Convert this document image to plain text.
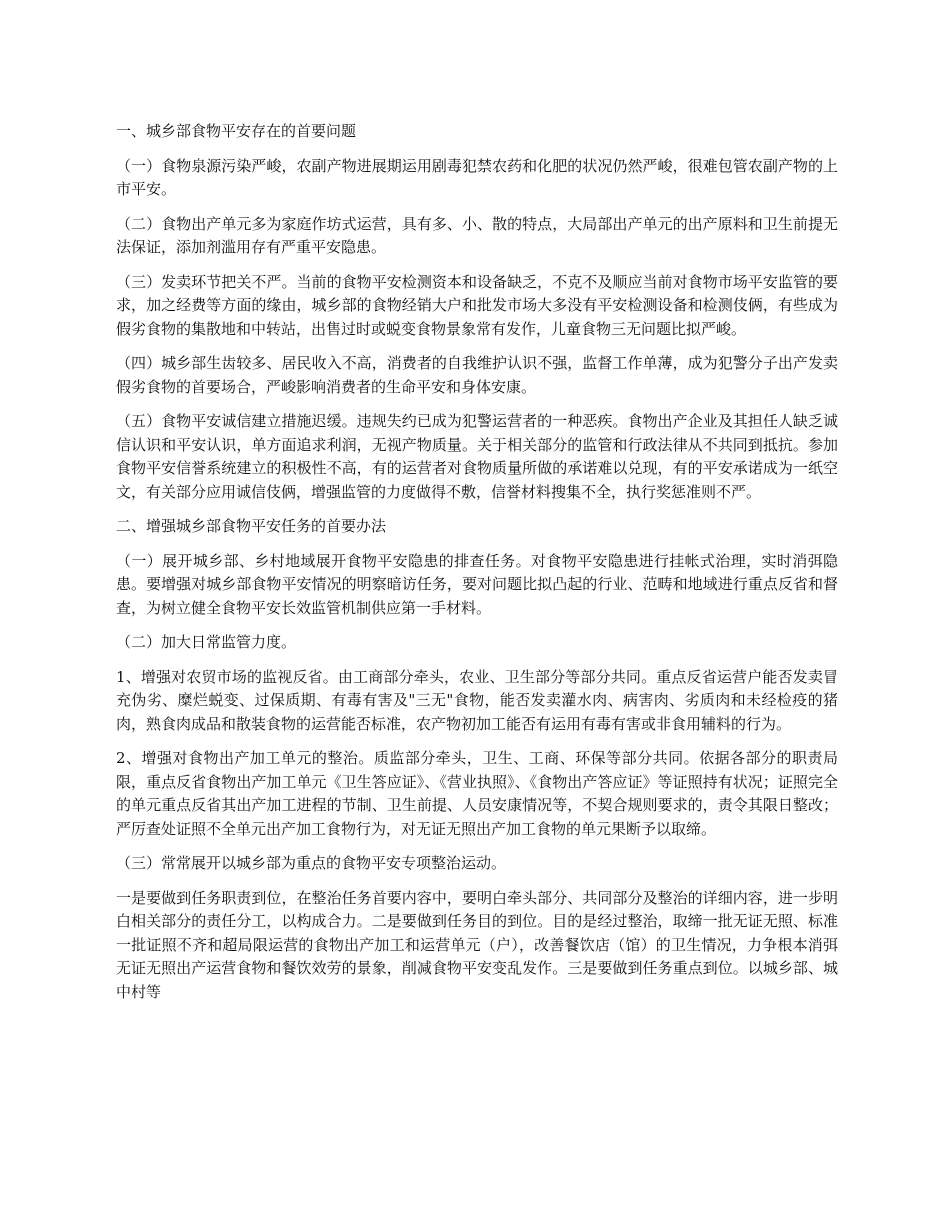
一、城乡部食物平安存在的首要问题

（一）食物泉源污染严峻，农副产物进展期运用剧毒犯禁农药和化肥的状况仍然严峻，很难包管农副产物的上市平安。

（二）食物出产单元多为家庭作坊式运营，具有多、小、散的特点，大局部出产单元的出产原料和卫生前提无法保证，添加剂滥用存有严重平安隐患。

（三）发卖环节把关不严。当前的食物平安检测资本和设备缺乏，不克不及顺应当前对食物市场平安监管的要求，加之经费等方面的缘由，城乡部的食物经销大户和批发市场大多没有平安检测设备和检测伎俩，有些成为假劣食物的集散地和中转站，出售过时或蜕变食物景象常有发作，儿童食物三无问题比拟严峻。

（四）城乡部生齿较多、居民收入不高，消费者的自我维护认识不强，监督工作单薄，成为犯警分子出产发卖假劣食物的首要场合，严峻影响消费者的生命平安和身体安康。

（五）食物平安诚信建立措施迟缓。违规失约已成为犯警运营者的一种恶疾。食物出产企业及其担任人缺乏诚信认识和平安认识，单方面追求利润，无视产物质量。关于相关部分的监管和行政法律从不共同到抵抗。参加食物平安信誉系统建立的积极性不高，有的运营者对食物质量所做的承诺难以兑现，有的平安承诺成为一纸空文，有关部分应用诚信伎俩，增强监管的力度做得不敷，信誉材料搜集不全，执行奖惩准则不严。

二、增强城乡部食物平安任务的首要办法

（一）展开城乡部、乡村地域展开食物平安隐患的排查任务。对食物平安隐患进行挂帐式治理，实时消弭隐患。要增强对城乡部食物平安情况的明察暗访任务，要对问题比拟凸起的行业、范畴和地域进行重点反省和督查，为树立健全食物平安长效监管机制供应第一手材料。

（二）加大日常监管力度。

1、增强对农贸市场的监视反省。由工商部分牵头，农业、卫生部分等部分共同。重点反省运营户能否发卖冒充伪劣、糜烂蜕变、过保质期、有毒有害及"三无"食物，能否发卖灌水肉、病害肉、劣质肉和未经检疫的猪肉，熟食肉成品和散装食物的运营能否标准，农产物初加工能否有运用有毒有害或非食用辅料的行为。

2、增强对食物出产加工单元的整治。质监部分牵头，卫生、工商、环保等部分共同。依据各部分的职责局限，重点反省食物出产加工单元《卫生答应证》、《营业执照》、《食物出产答应证》等证照持有状况；证照完全的单元重点反省其出产加工进程的节制、卫生前提、人员安康情况等，不契合规则要求的，责令其限日整改；严厉查处证照不全单元出产加工食物行为，对无证无照出产加工食物的单元果断予以取缔。

（三）常常展开以城乡部为重点的食物平安专项整治运动。

一是要做到任务职责到位，在整治任务首要内容中，要明白牵头部分、共同部分及整治的详细内容，进一步明白相关部分的责任分工，以构成合力。二是要做到任务目的到位。目的是经过整治，取缔一批无证无照、标准一批证照不齐和超局限运营的食物出产加工和运营单元（户），改善餐饮店（馆）的卫生情况，力争根本消弭无证无照出产运营食物和餐饮效劳的景象，削减食物平安变乱发作。三是要做到任务重点到位。以城乡部、城中村等
